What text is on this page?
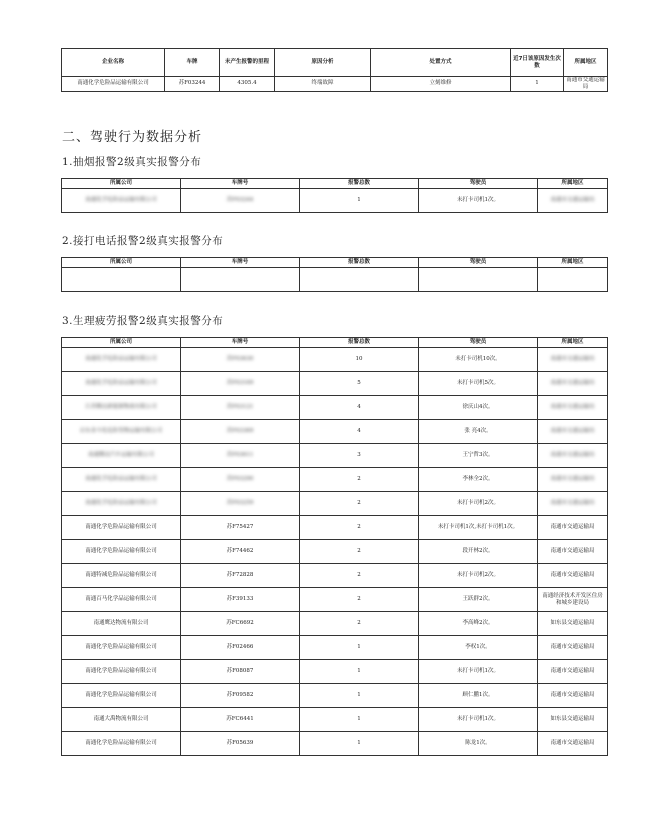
企业名称	车牌	未产生报警的里程	原因分析	处置方式	近7日该原因发生次数	所属地区
南通化学危险品运输有限公司	苏F03244	4305.4	终端故障	立刻维修	1	南通市交通运输局
二、驾驶行为数据分析
1.抽烟报警2级真实报警分布
所属公司	车牌号	报警总数	驾驶员	所属地区
南通化学危险品运输有限公司	苏F03244	1	未打卡司机1次。	南通市交通运输局
2.接打电话报警2级真实报警分布
所属公司	车牌号	报警总数	驾驶员	所属地区

3.生理疲劳报警2级真实报警分布
所属公司	车牌号	报警总数	驾驶员	所属地区
南通化学危险品运输有限公司	苏F03630	10	未打卡司机10次。	南通市交通运输局
南通化学危险品运输有限公司	苏F03169	5	未打卡司机5次。	南通市交通运输局
江苏腾达新能源物流有限公司	苏F03121	4	徐庆山4次。	南通市交通运输局
启东金斗化危险货物运输有限公司	苏F03369	4	张 亮4次。	南通市交通运输局
南通腾达汽车运输有限公司	苏F03611	3	王宁哲3次。	南通市交通运输局
南通化学危险品运输有限公司	苏F03290	2	李林全2次。	南通市交通运输局
南通化学危险品运输有限公司	苏F03259	2	未打卡司机2次。	南通市交通运输局
南通化学危险品运输有限公司	苏F75427	2	未打卡司机1次,未打卡司机1次。	南通市交通运输局
南通化学危险品运输有限公司	苏F74462	2	段开林2次。	南通市交通运输局
南通特减危险品运输有限公司	苏F72828	2	未打卡司机2次。	南通市交通运输局
南通百马化学品运输有限公司	苏F39133	2	王跃群2次。	南通经济技术开发区住房和城乡建设局
南通鹰达物流有限公司	苏FC6692	2	李高峰2次。	如东县交通运输局
南通化学危险品运输有限公司	苏F02466	1	李权1次。	南通市交通运输局
南通化学危险品运输有限公司	苏F08087	1	未打卡司机1次。	南通市交通运输局
南通化学危险品运输有限公司	苏F09582	1	顾仁鹏1次。	南通市交通运输局
南通大禹物流有限公司	苏FC6441	1	未打卡司机1次。	如东县交通运输局
南通化学危险品运输有限公司	苏F05639	1	陈龙1次。	南通市交通运输局
